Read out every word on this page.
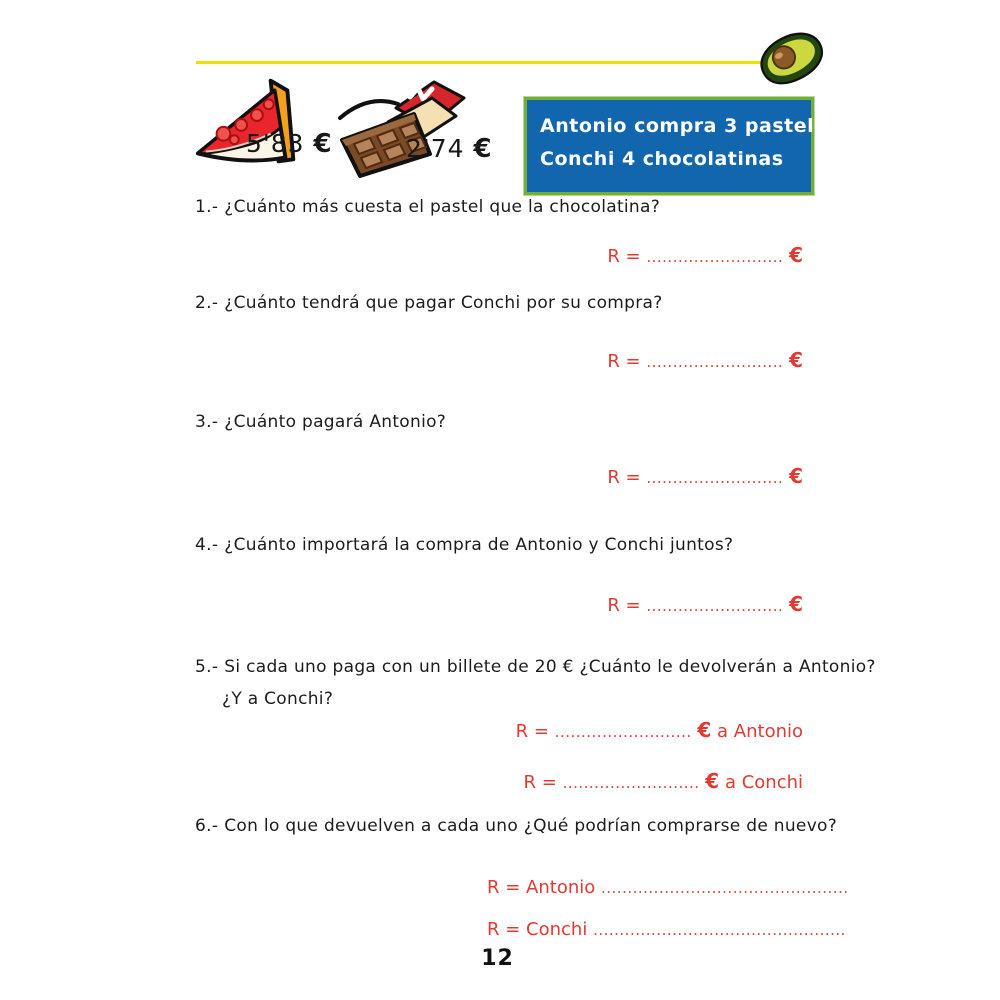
5'83 €	2'74 €
Antonio compra 3 pasteles
Conchi 4 chocolatinas
1.- ¿Cuánto más cuesta el pastel que la chocolatina?
R = .......................... €
2.- ¿Cuánto tendrá que pagar Conchi por su compra?
R = .......................... €
3.- ¿Cuánto pagará Antonio?
R = .......................... €
4.- ¿Cuánto importará la compra de Antonio y Conchi juntos?
R = .......................... €
5.- Si cada uno paga con un billete de 20 € ¿Cuánto le devolverán a Antonio?
¿Y a Conchi?
R = .......................... € a Antonio
R = .......................... € a Conchi
6.- Con lo que devuelven a cada uno ¿Qué podrían comprarse de nuevo?
R = Antonio ...............................................
R = Conchi ................................................
12
